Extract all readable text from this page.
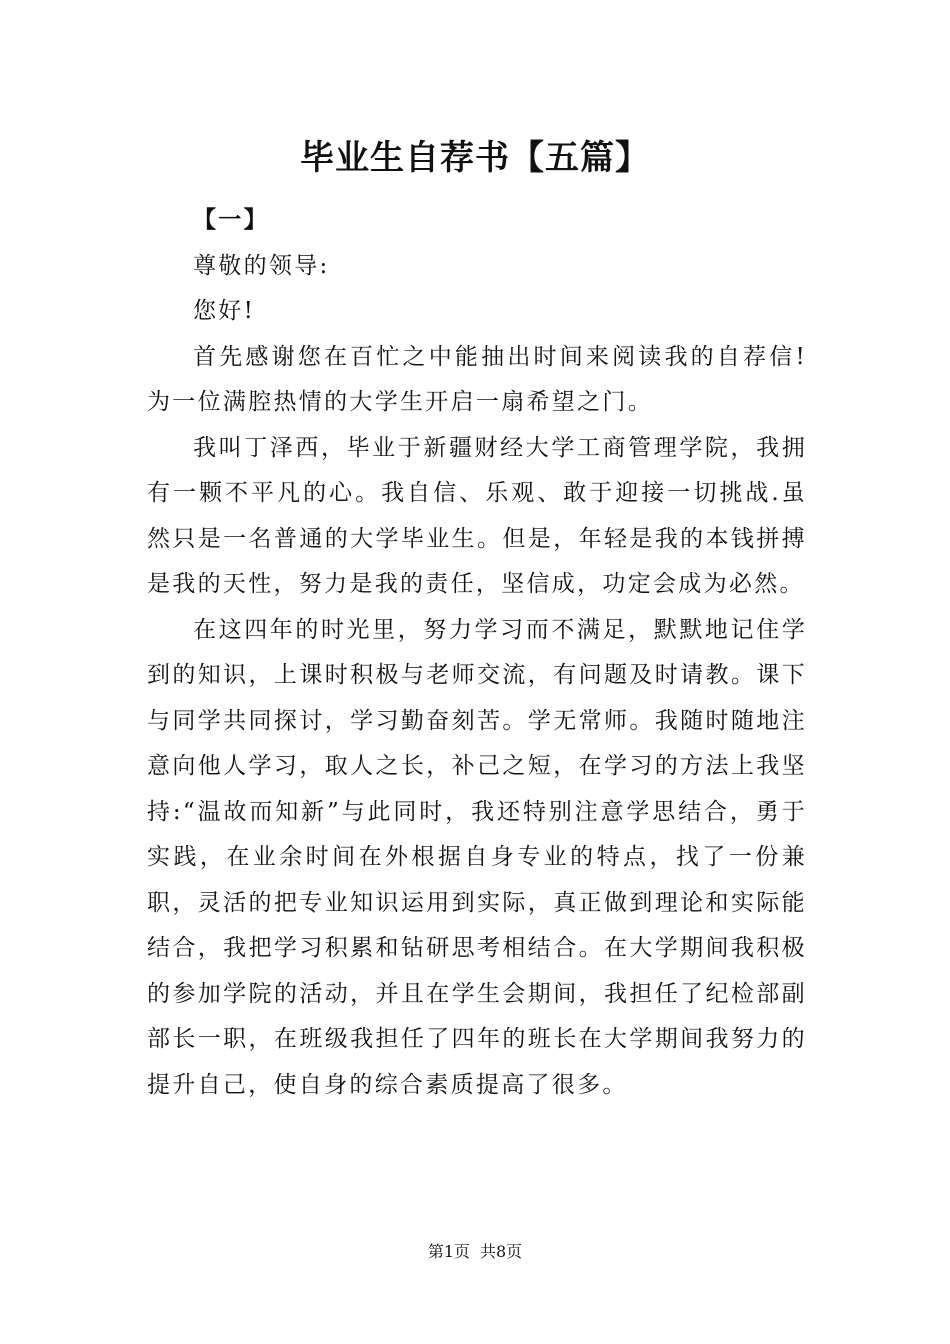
毕业生自荐书【五篇】

【一】

尊敬的领导:

您好!

首先感谢您在百忙之中能抽出时间来阅读我的自荐信!为一位满腔热情的大学生开启一扇希望之门。

我叫丁泽西，毕业于新疆财经大学工商管理学院，我拥有一颗不平凡的心。我自信、乐观、敢于迎接一切挑战.虽然只是一名普通的大学毕业生。但是，年轻是我的本钱拼搏是我的天性，努力是我的责任，坚信成，功定会成为必然。

在这四年的时光里，努力学习而不满足，默默地记住学到的知识，上课时积极与老师交流，有问题及时请教。课下与同学共同探讨，学习勤奋刻苦。学无常师。我随时随地注意向他人学习，取人之长，补己之短，在学习的方法上我坚持:“温故而知新”与此同时，我还特别注意学思结合，勇于实践，在业余时间在外根据自身专业的特点，找了一份兼职，灵活的把专业知识运用到实际，真正做到理论和实际能结合，我把学习积累和钻研思考相结合。在大学期间我积极的参加学院的活动，并且在学生会期间，我担任了纪检部副部长一职，在班级我担任了四年的班长在大学期间我努力的提升自己，使自身的综合素质提高了很多。

第1页 共8页
